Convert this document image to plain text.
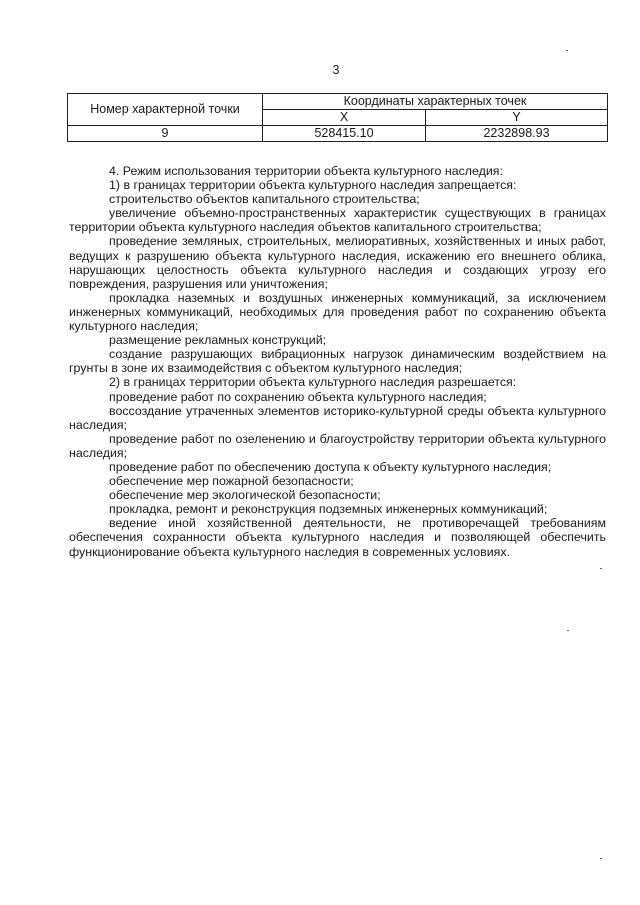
3
Номер характерной точки	Координаты характерных точек	
	X	Y
9	528415.10	2232898.93

4. Режим использования территории объекта культурного наследия:

1) в границах территории объекта культурного наследия запрещается:

строительство объектов капитального строительства;

увеличение объемно-пространственных характеристик существующих в границах территории объекта культурного наследия объектов капитального строительства;

проведение земляных, строительных, мелиоративных, хозяйственных и иных работ, ведущих к разрушению объекта культурного наследия, искажению его внешнего облика, нарушающих целостность объекта культурного наследия и создающих угрозу его повреждения, разрушения или уничтожения;

прокладка наземных и воздушных инженерных коммуникаций, за исключением инженерных коммуникаций, необходимых для проведения работ по сохранению объекта культурного наследия;

размещение рекламных конструкций;

создание разрушающих вибрационных нагрузок динамическим воздействием на грунты в зоне их взаимодействия с объектом культурного наследия;

2) в границах территории объекта культурного наследия разрешается:

проведение работ по сохранению объекта культурного наследия;

воссоздание утраченных элементов историко-культурной среды объекта культурного наследия;

проведение работ по озеленению и благоустройству территории объекта культурного наследия;

проведение работ по обеспечению доступа к объекту культурного наследия;

обеспечение мер пожарной безопасности;

обеспечение мер экологической безопасности;

прокладка, ремонт и реконструкция подземных инженерных коммуникаций;

ведение иной хозяйственной деятельности, не противоречащей требованиям обеспечения сохранности объекта культурного наследия и позволяющей обеспечить функционирование объекта культурного наследия в современных условиях.
